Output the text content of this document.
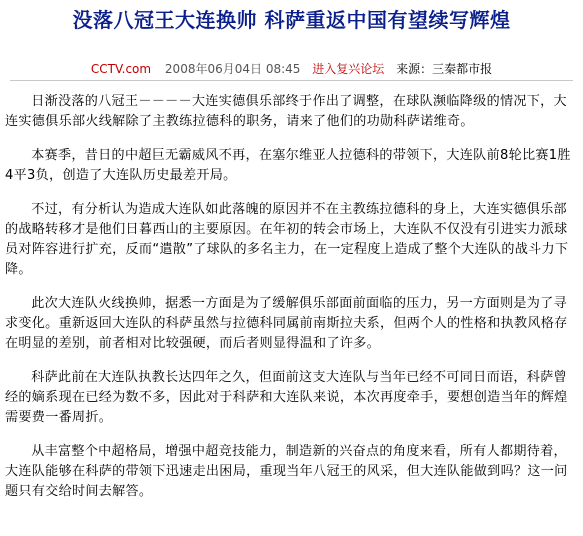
没落八冠王大连换帅 科萨重返中国有望续写辉煌
CCTV.com 2008年06月04日 08:45 进入复兴论坛 来源：三秦都市报

日渐没落的八冠王－－－－大连实德俱乐部终于作出了调整，在球队濒临降级的情况下，大连实德俱乐部火线解除了主教练拉德科的职务，请来了他们的功勋科萨诺维奇。

本赛季，昔日的中超巨无霸威风不再，在塞尔维亚人拉德科的带领下，大连队前8轮比赛1胜4平3负，创造了大连队历史最差开局。

不过，有分析认为造成大连队如此落魄的原因并不在主教练拉德科的身上，大连实德俱乐部的战略转移才是他们日暮西山的主要原因。在年初的转会市场上，大连队不仅没有引进实力派球员对阵容进行扩充，反而“遣散”了球队的多名主力，在一定程度上造成了整个大连队的战斗力下降。

此次大连队火线换帅，据悉一方面是为了缓解俱乐部面前面临的压力，另一方面则是为了寻求变化。重新返回大连队的科萨虽然与拉德科同属前南斯拉夫系，但两个人的性格和执教风格存在明显的差别，前者相对比较强硬，而后者则显得温和了许多。

科萨此前在大连队执教长达四年之久，但面前这支大连队与当年已经不可同日而语，科萨曾经的嫡系现在已经为数不多，因此对于科萨和大连队来说，本次再度牵手，要想创造当年的辉煌需要费一番周折。

从丰富整个中超格局，增强中超竞技能力，制造新的兴奋点的角度来看，所有人都期待着，大连队能够在科萨的带领下迅速走出困局，重现当年八冠王的风采，但大连队能做到吗？这一问题只有交给时间去解答。
